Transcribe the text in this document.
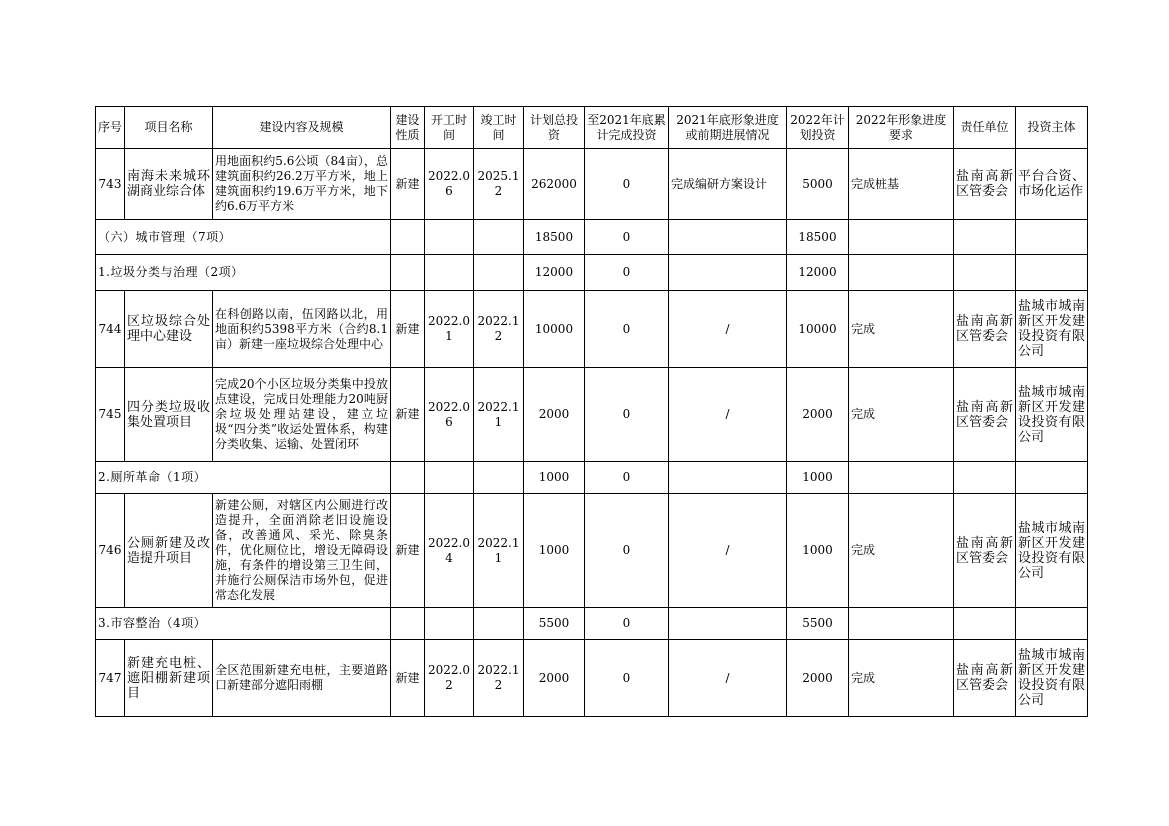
序号	项目名称	建设内容及规模	建设性质	开工时间	竣工时间	计划总投资	至2021年底累计完成投资	2021年底形象进度或前期进展情况	2022年计划投资	2022年形象进度要求	责任单位	投资主体
743	南海未来城环湖商业综合体	用地面积约5.6公顷（84亩），总建筑面积约26.2万平方米，地上建筑面积约19.6万平方米，地下约6.6万平方米	新建	2022.06	2025.12	262000	0	完成编研方案设计	5000	完成桩基	盐南高新区管委会	平台合资、市场化运作
（六）城市管理（7项）						18500	0		18500			
1.垃圾分类与治理（2项）						12000	0		12000			
744	区垃圾综合处理中心建设	在科创路以南，伍冈路以北，用地面积约5398平方米（合约8.1亩）新建一座垃圾综合处理中心	新建	2022.01	2022.12	10000	0	/	10000	完成	盐南高新区管委会	盐城市城南新区开发建设投资有限公司
745	四分类垃圾收集处置项目	完成20个小区垃圾分类集中投放点建设，完成日处理能力20吨厨余垃圾处理站建设，建立垃圾“四分类”收运处置体系，构建分类收集、运输、处置闭环	新建	2022.06	2022.11	2000	0	/	2000	完成	盐南高新区管委会	盐城市城南新区开发建设投资有限公司
2.厕所革命（1项）						1000	0		1000			
746	公厕新建及改造提升项目	新建公厕，对辖区内公厕进行改造提升，全面消除老旧设施设备，改善通风、采光、除臭条件，优化厕位比，增设无障碍设施，有条件的增设第三卫生间，并施行公厕保洁市场外包，促进常态化发展	新建	2022.04	2022.11	1000	0	/	1000	完成	盐南高新区管委会	盐城市城南新区开发建设投资有限公司
3.市容整治（4项）						5500	0		5500			
747	新建充电桩、遮阳棚新建项目	全区范围新建充电桩，主要道路口新建部分遮阳雨棚	新建	2022.02	2022.12	2000	0	/	2000	完成	盐南高新区管委会	盐城市城南新区开发建设投资有限公司
